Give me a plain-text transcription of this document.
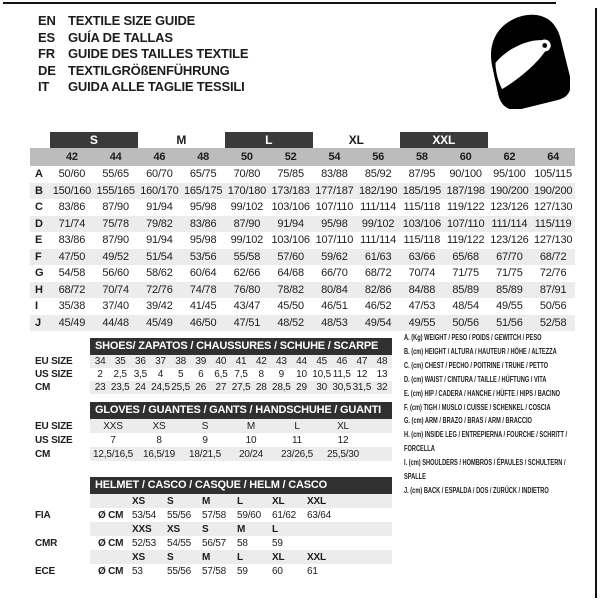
EN TEXTILE SIZE GUIDE
ES	GUÍA DE TALLAS
FR	GUIDE DES TAILLES TEXTILE
DE TEXTILGRÖßENFÜHRUNG
IT	GUIDA ALLE TAGLIE TESSILI
	S		M		L		XL		XXL			
	42	44	46	48	50	52	54	56	58	60	62	64
A	50/60	55/65	60/70	65/75	70/80	75/85	83/88	85/92	87/95	90/100	95/100	105/115
B	150/160	155/165	160/170	165/175	170/180	173/183	177/187	182/190	185/195	187/198	190/200	190/200
C	83/86	87/90	91/94	95/98	99/102	103/106	107/110	111/114	115/118	119/122	123/126	127/130
D	71/74	75/78	79/82	83/86	87/90	91/94	95/98	99/102	103/106	107/110	111/114	115/119
E	83/86	87/90	91/94	95/98	99/102	103/106	107/110	111/114	115/118	119/122	123/126	127/130
F	47/50	49/52	51/54	53/56	55/58	57/60	59/62	61/63	63/66	65/68	67/70	68/72
G	54/58	56/60	58/62	60/64	62/66	64/68	66/70	68/72	70/74	71/75	71/75	72/76
H	68/72	70/74	72/76	74/78	76/80	78/82	80/84	82/86	84/88	85/89	85/89	87/91
I	35/38	37/40	39/42	41/45	43/47	45/50	46/51	46/52	47/53	48/54	49/55	50/56
J	45/49	44/48	45/49	46/50	47/51	48/52	48/53	49/54	49/55	50/56	51/56	52/58
SHOES/ ZAPATOS / CHAUSSURES / SCHUHE / SCARPE
EU SIZE	34 35 36 37 38 39 40 41 42 43 44 45 46 47 48
US SIZE	2	2,5 3,5	4	5	6	6,5 7,5	8	9	10 10,5 11,5 12 13
CM	23 23,5 24 24,5 25,5 26 27 27,5 28 28,5 29 30 30,5 31,5 32
GLOVES / GUANTES / GANTS / HANDSCHUHE / GUANTI
EU SIZE	XXS	XS	S	M	L	XL
US SIZE	7	8	9	10	11	12
CM	12,5/16,5	16,5/19	18/21,5	20/24	23/26,5	25,5/30
HELMET / CASCO / CASQUE / HELM / CASCO
XS	S	M	L	XL	XXL
FIA	Ø CM 53/54	55/56	57/58	59/60	61/62	63/64
XXS	XS	S	M	L
CMR	Ø CM 52/53	54/55	56/57	58	59
XS	S	M	L	XL	XXL
ECE	Ø CM 53	55/56	57/58	59	60	61
A. (Kg) WEIGHT / PESO / POIDS / GEWITCH / PESO
B. (cm) HEIGHT / ALTURA / HAUTEUR / HÖHE / ALTEZZA
C. (cm) CHEST / PECHO / POITRINE / TRUHE / PETTO
D. (cm) WAIST / CINTURA / TAILLE / HÜFTUNG / VITA
E. (cm) HIP / CADERA / HANCHE / HÜFTE / HIPS / BACINO
F. (cm) TIGH / MUSLO / CUISSE / SCHENKEL / COSCIA
G. (cm) ARM / BRAZO / BRAS / ARM / BRACCIO
H. (cm) INSIDE LEG / ENTREPIERNA / FOURCHE / SCHRITT / FORCELLA
I. (cm) SHOULDERS / HOMBROS / ÉPAULES / SCHULTERN / SPALLE
J. (cm) BACK / ESPALDA / DOS / ZURÜCK / INDIETRO
